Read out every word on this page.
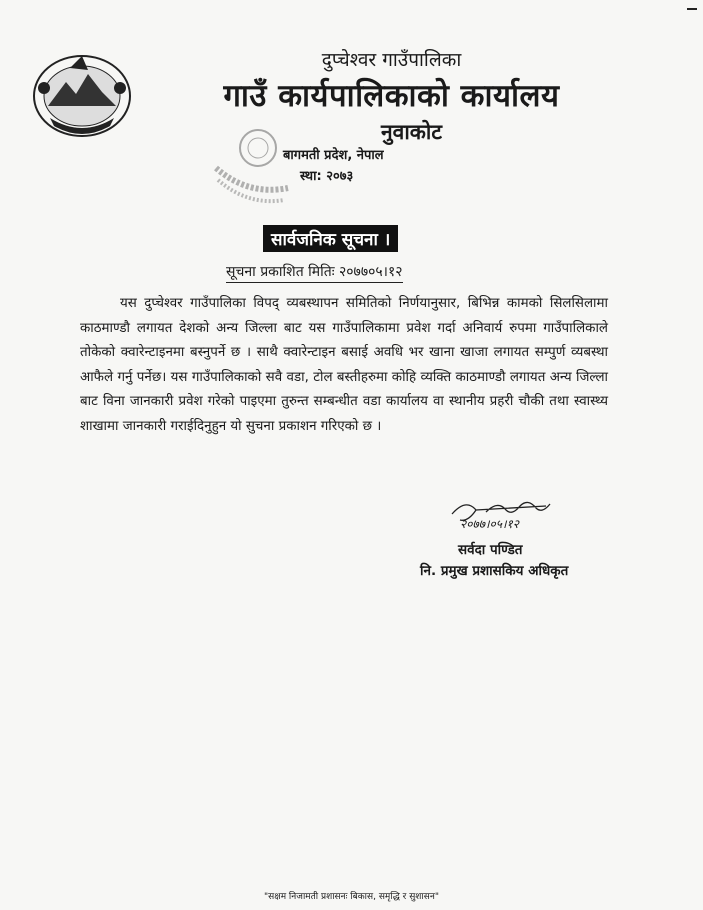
दुप्चेश्वर गाउँपालिका
गाउँ कार्यपालिकाको कार्यालय
नुवाकोट
बागमती प्रदेश, नेपाल
स्था: २०७३
सार्वजनिक सूचना ।
सूचना प्रकाशित मितिः २०७७०५।१२
यस दुप्चेश्वर गाउँपालिका विपद् व्यबस्थापन समितिको निर्णयानुसार, बिभिन्न कामको सिलसिलामा काठमाण्डौ लगायत देशको अन्य जिल्ला बाट यस गाउँपालिकामा प्रवेश गर्दा अनिवार्य रुपमा गाउँपालिकाले तोकेको क्वारेन्टाइनमा बस्नुपर्ने छ । साथै क्वारेन्टाइन बसाई अवधि भर खाना खाजा लगायत सम्पुर्ण व्यबस्था आफैले गर्नु पर्नेछ। यस गाउँपालिकाको सवै वडा, टोल बस्तीहरुमा कोहि व्यक्ति काठमाण्डौ लगायत अन्य जिल्ला बाट विना जानकारी प्रवेश गरेको पाइएमा तुरुन्त सम्बन्धीत वडा कार्यालय वा स्थानीय प्रहरी चौकी तथा स्वास्थ्य शाखामा जानकारी गराईदिनुहुन यो सुचना प्रकाशन गरिएको छ ।
२०७७।०५।१२
सर्वदा पण्डित
नि. प्रमुख प्रशासकिय अधिकृत
"सक्षम निजामती प्रशासनः बिकास, समृद्धि र सुशासन"
